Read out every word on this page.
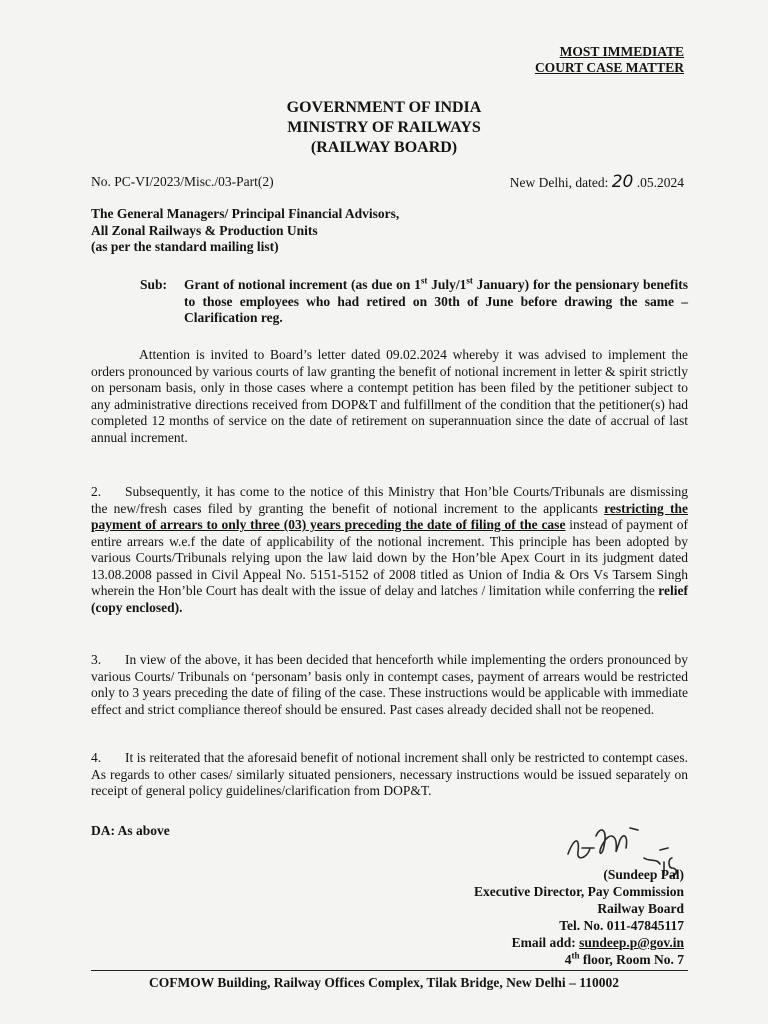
MOST IMMEDIATE
COURT CASE MATTER
GOVERNMENT OF INDIA
MINISTRY OF RAILWAYS
(RAILWAY BOARD)
No. PC-VI/2023/Misc./03-Part(2)	New Delhi, dated: 20 .05.2024
The General Managers/ Principal Financial Advisors,
All Zonal Railways & Production Units
(as per the standard mailing list)
Sub: Grant of notional increment (as due on 1st July/1st January) for the pensionary benefits to those employees who had retired on 30th of June before drawing the same – Clarification reg.
Attention is invited to Board’s letter dated 09.02.2024 whereby it was advised to implement the orders pronounced by various courts of law granting the benefit of notional increment in letter & spirit strictly on personam basis, only in those cases where a contempt petition has been filed by the petitioner subject to any administrative directions received from DOP&T and fulfillment of the condition that the petitioner(s) had completed 12 months of service on the date of retirement on superannuation since the date of accrual of last annual increment.
2. Subsequently, it has come to the notice of this Ministry that Hon’ble Courts/Tribunals are dismissing the new/fresh cases filed by granting the benefit of notional increment to the applicants restricting the payment of arrears to only three (03) years preceding the date of filing of the case instead of payment of entire arrears w.e.f the date of applicability of the notional increment. This principle has been adopted by various Courts/Tribunals relying upon the law laid down by the Hon’ble Apex Court in its judgment dated 13.08.2008 passed in Civil Appeal No. 5151-5152 of 2008 titled as Union of India & Ors Vs Tarsem Singh wherein the Hon’ble Court has dealt with the issue of delay and latches / limitation while conferring the relief (copy enclosed).
3. In view of the above, it has been decided that henceforth while implementing the orders pronounced by various Courts/ Tribunals on ‘personam’ basis only in contempt cases, payment of arrears would be restricted only to 3 years preceding the date of filing of the case. These instructions would be applicable with immediate effect and strict compliance thereof should be ensured. Past cases already decided shall not be reopened.
4. It is reiterated that the aforesaid benefit of notional increment shall only be restricted to contempt cases. As regards to other cases/ similarly situated pensioners, necessary instructions would be issued separately on receipt of general policy guidelines/clarification from DOP&T.
DA: As above
(Sundeep Pal)
Executive Director, Pay Commission
Railway Board
Tel. No. 011-47845117
Email add: sundeep.p@gov.in
4th floor, Room No. 7
COFMOW Building, Railway Offices Complex, Tilak Bridge, New Delhi – 110002
